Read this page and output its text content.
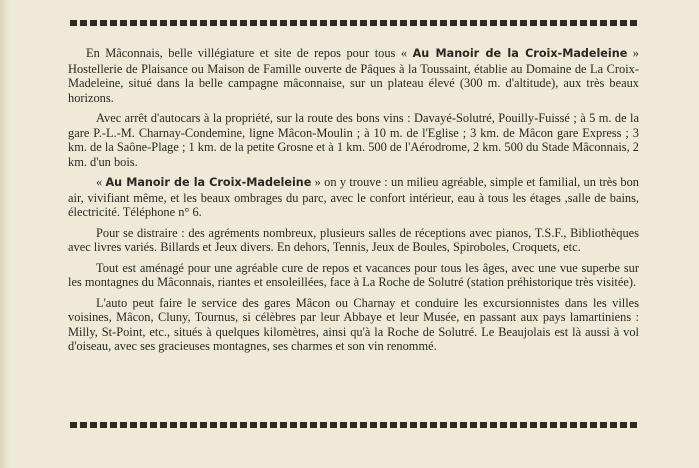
En Mâconnais, belle villégiature et site de repos pour tous « Au Manoir de la Croix-Madeleine » Hostellerie de Plaisance ou Maison de Famille ouverte de Pâques à la Toussaint, établie au Domaine de La Croix-Madeleine, situé dans la belle campagne mâconnaise, sur un plateau élevé (300 m. d'altitude), aux très beaux horizons.

Avec arrêt d'autocars à la propriété, sur la route des bons vins : Davayé-Solutré, Pouilly-Fuissé ; à 5 m. de la gare P.-L.-M. Charnay-Condemine, ligne Mâcon-Moulin ; à 10 m. de l'Eglise ; 3 km. de Mâcon gare Express ; 3 km. de la Saône-Plage ; 1 km. de la petite Grosne et à 1 km. 500 de l'Aérodrome, 2 km. 500 du Stade Mâconnais, 2 km. d'un bois.

« Au Manoir de la Croix-Madeleine » on y trouve : un milieu agréable, simple et familial, un très bon air, vivifiant même, et les beaux ombrages du parc, avec le confort intérieur, eau à tous les étages ,salle de bains, électricité. Téléphone n° 6.

Pour se distraire : des agréments nombreux, plusieurs salles de réceptions avec pianos, T.S.F., Bibliothèques avec livres variés. Billards et Jeux divers. En dehors, Tennis, Jeux de Boules, Spiroboles, Croquets, etc.

Tout est aménagé pour une agréable cure de repos et vacances pour tous les âges, avec une vue superbe sur les montagnes du Mâconnais, riantes et ensoleillées, face à La Roche de Solutré (station préhistorique très visitée).

L'auto peut faire le service des gares Mâcon ou Charnay et conduire les excursionnistes dans les villes voisines, Mâcon, Cluny, Tournus, si célèbres par leur Abbaye et leur Musée, en passant aux pays lamartiniens : Milly, St-Point, etc., situés à quelques kilomètres, ainsi qu'à la Roche de Solutré. Le Beaujolais est là aussi à vol d'oiseau, avec ses gracieuses montagnes, ses charmes et son vin renommé.
